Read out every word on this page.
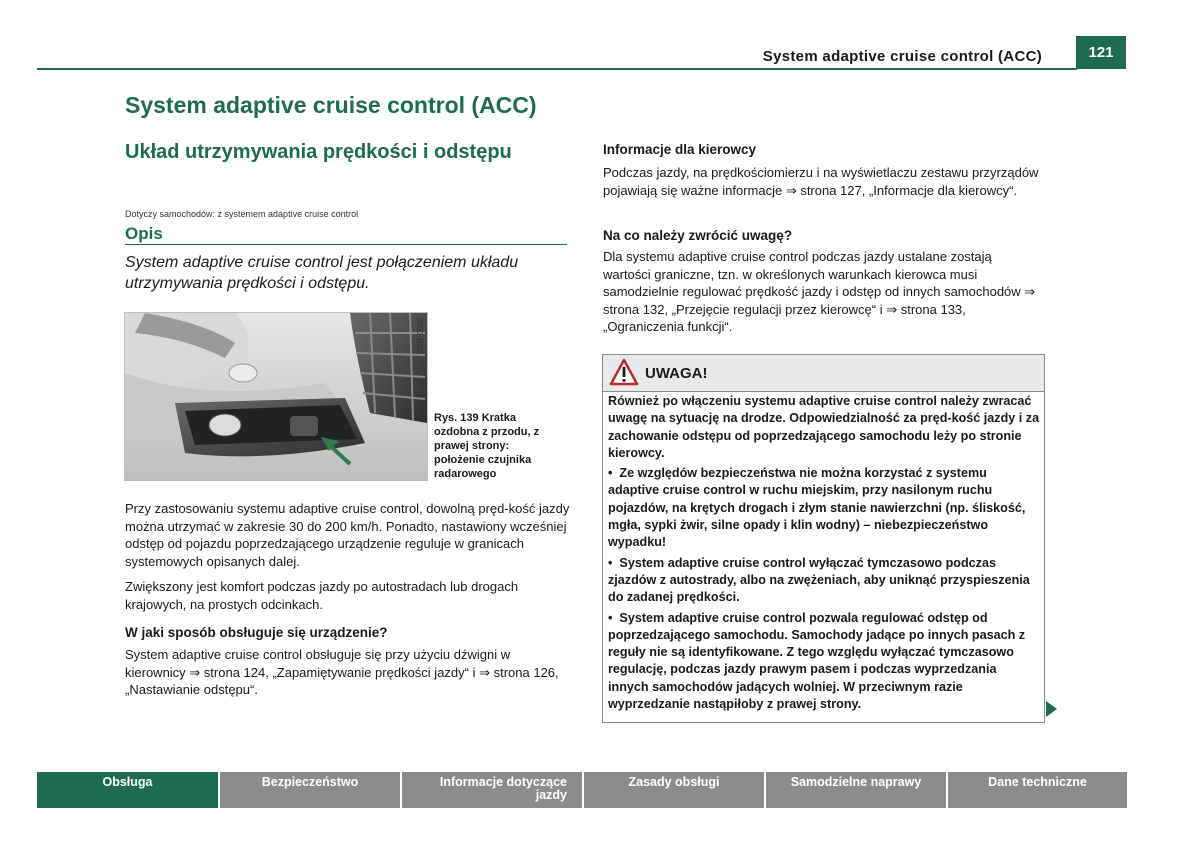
System adaptive cruise control (ACC)	121
System adaptive cruise control (ACC)
Układ utrzymywania prędkości i odstępu
Dotyczy samochodów: z systemem adaptive cruise control
Opis
System adaptive cruise control jest połączeniem układu utrzymywania prędkości i odstępu.
B8R-0082
Rys. 139 Kratka ozdobna z przodu, z prawej strony: położenie czujnika radarowego
Przy zastosowaniu systemu adaptive cruise control, dowolną pręd-kość jazdy można utrzymać w zakresie 30 do 200 km/h. Ponadto, nastawiony wcześniej odstęp od pojazdu poprzedzającego urządzenie reguluje w granicach systemowych opisanych dalej.
Zwiększony jest komfort podczas jazdy po autostradach lub drogach krajowych, na prostych odcinkach.
W jaki sposób obsługuje się urządzenie?
System adaptive cruise control obsługuje się przy użyciu dźwigni w kierownicy ⇒ strona 124, „Zapamiętywanie prędkości jazdy“ i ⇒ strona 126, „Nastawianie odstępu“.
Informacje dla kierowcy
Podczas jazdy, na prędkościomierzu i na wyświetlaczu zestawu przyrządów pojawiają się ważne informacje ⇒ strona 127, „Informacje dla kierowcy“.
Na co należy zwrócić uwagę?
Dla systemu adaptive cruise control podczas jazdy ustalane zostają wartości graniczne, tzn. w określonych warunkach kierowca musi samodzielnie regulować prędkość jazdy i odstęp od innych samochodów ⇒ strona 132, „Przejęcie regulacji przez kierowcę“ i ⇒ strona 133, „Ograniczenia funkcji“.
UWAGA!

Również po włączeniu systemu adaptive cruise control należy zwracać uwagę na sytuację na drodze. Odpowiedzialność za pręd-kość jazdy i za zachowanie odstępu od poprzedzającego samochodu leży po stronie kierowcy.

•  Ze względów bezpieczeństwa nie można korzystać z systemu adaptive cruise control w ruchu miejskim, przy nasilonym ruchu pojazdów, na krętych drogach i złym stanie nawierzchni (np. śliskość, mgła, sypki żwir, silne opady i klin wodny) – niebezpieczeństwo wypadku!

•  System adaptive cruise control wyłączać tymczasowo podczas zjazdów z autostrady, albo na zwężeniach, aby uniknąć przyspieszenia do zadanej prędkości.

•  System adaptive cruise control pozwala regulować odstęp od poprzedzającego samochodu. Samochody jadące po innych pasach z reguły nie są identyfikowane. Z tego względu wyłączać tymczasowo regulację, podczas jazdy prawym pasem i podczas wyprzedzania innych samochodów jadących wolniej. W przeciwnym razie wyprzedzanie nastąpiłoby z prawej strony.

Obsługa	Bezpieczeństwo	Informacje dotyczące jazdy
Zasady obsługi	Samodzielne naprawy	Dane techniczne
